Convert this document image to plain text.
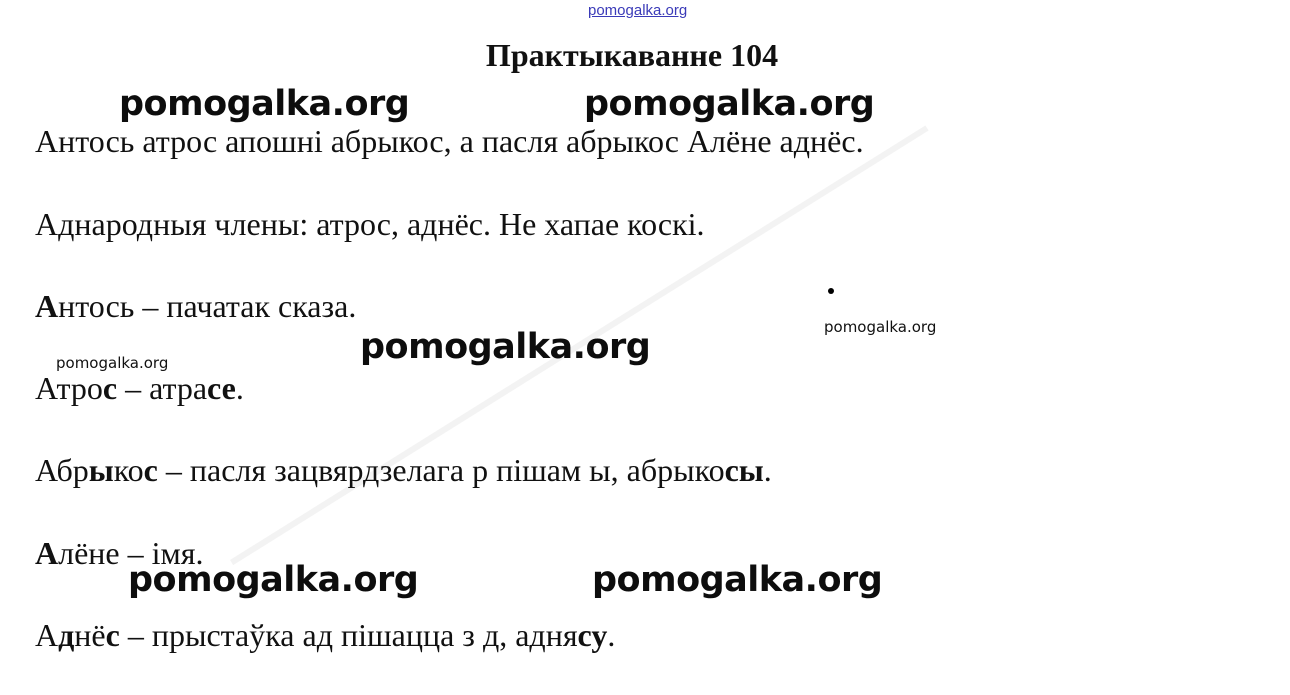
pomogalka.org
Практыкаванне 104
Антось атрос апошні абрыкос, а пасля абрыкос Алёне аднёс.
Аднародныя члены: атрос, аднёс. Не хапае коскі.
Антось – пачатак сказа.
Атрос – атрасе.
Абрыкос – пасля зацвярдзелага р пішам ы, абрыкосы.
Алёне – імя.
Аднёс – прыстаўка ад пішацца з д, аднясу.
pomogalka.org	pomogalka.org
pomogalka.org
pomogalka.org	pomogalka.org
pomogalka.org
pomogalka.org
